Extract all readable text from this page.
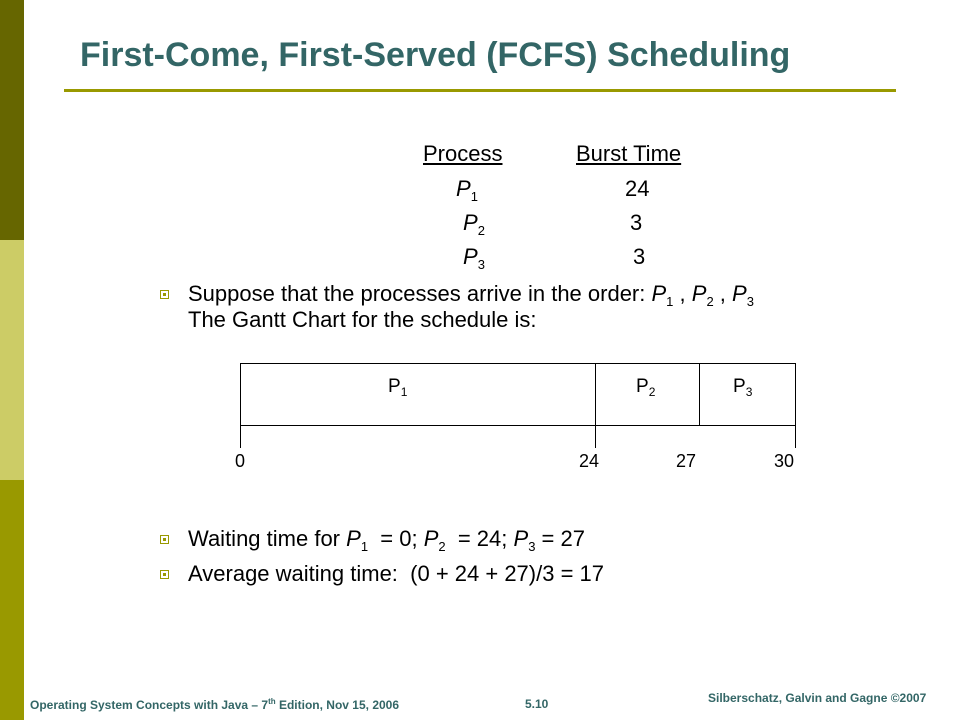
First-Come, First-Served (FCFS) Scheduling
Process	Burst Time
$P_1$	24
$P_2$	3
$P_3$	3
Suppose that the processes arrive in the order: $P_1$ , $P_2$ , $P_3$
The Gantt Chart for the schedule is:
$P_1$	$P_2$	$P_3$
0	24	27	30
Waiting time for $P_1 = 0$; $P_2 = 24$; $P_3 = 27$
Average waiting time:  (0 + 24 + 27)/3 = 17
Operating System Concepts with Java – 7th Edition, Nov 15, 2006	5.10	Silberschatz, Galvin and Gagne ©2007
